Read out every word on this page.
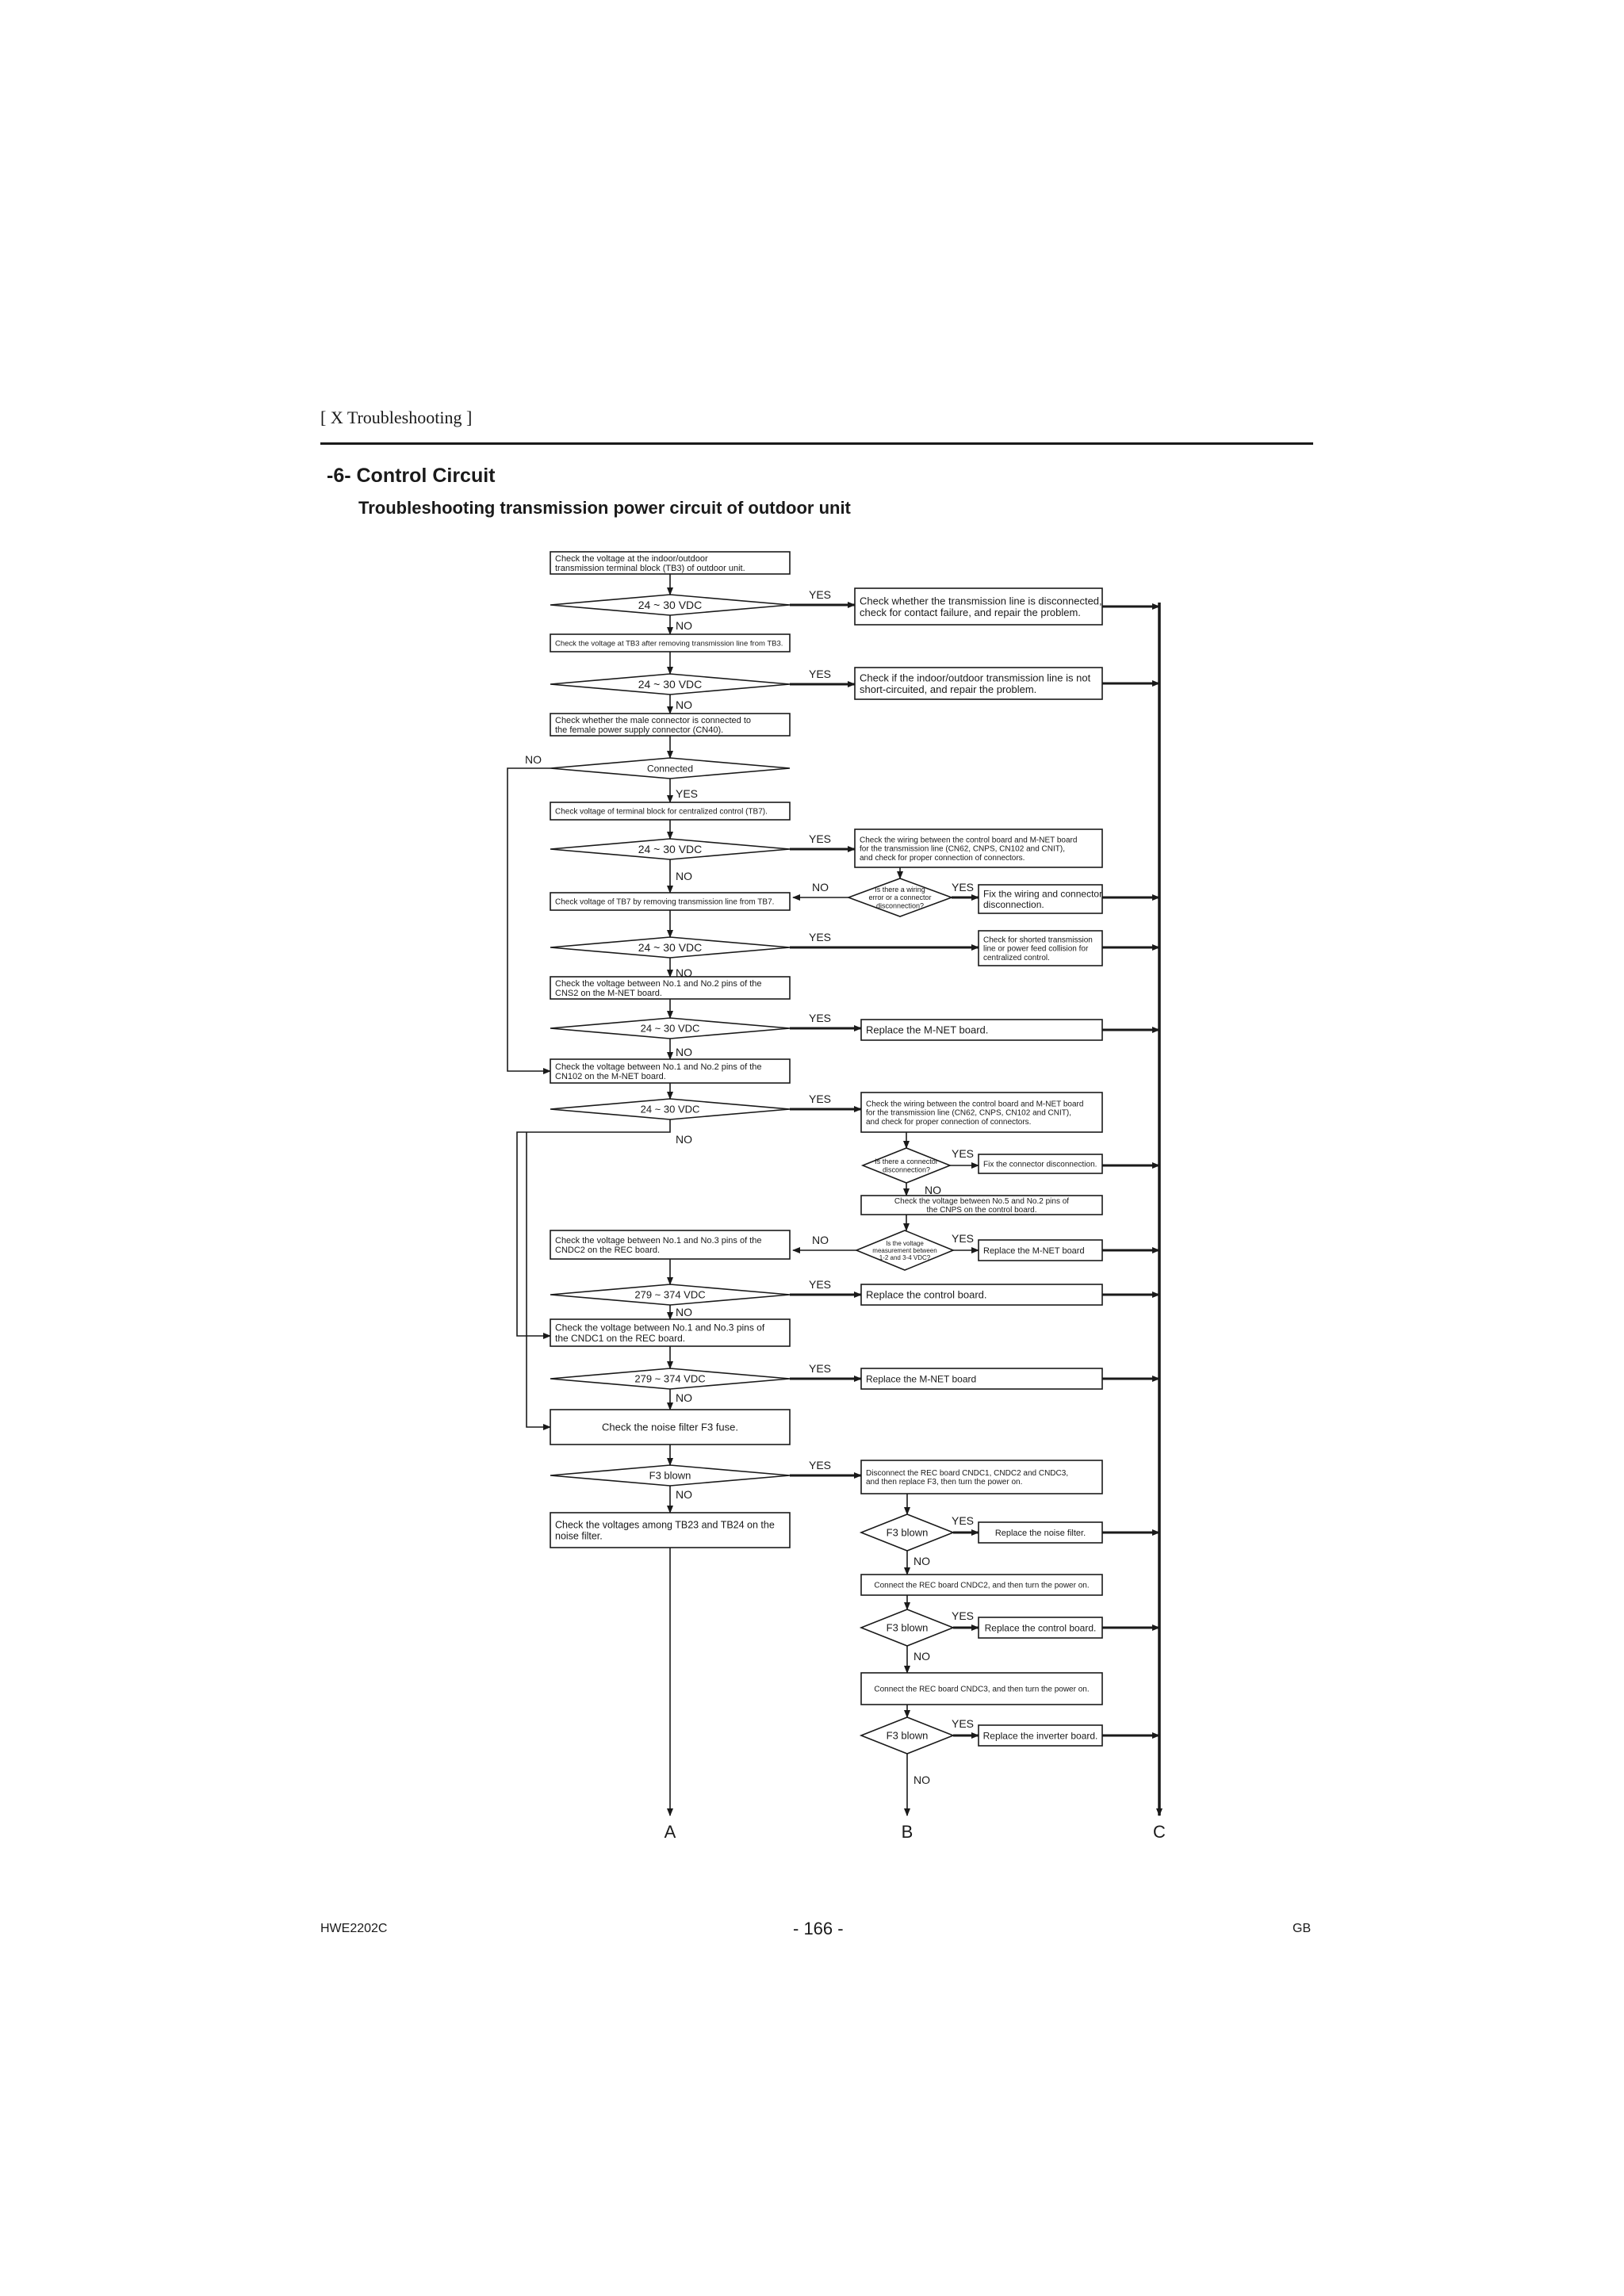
[ X Troubleshooting ]
-6- Control Circuit
Troubleshooting transmission power circuit of outdoor unit
Check the voltage at the indoor/outdoor
transmission terminal block (TB3) of outdoor unit.
24 ~ 30 VDC	Check whether the transmission line is disconnected,
check for contact failure, and repair the problem.
Check the voltage at TB3 after removing transmission line from TB3.
24 ~ 30 VDC
Check if the indoor/outdoor transmission line is not
short-circuited, and repair the problem.
Check whether the male connector is connected to
the female power supply connector (CN40).
Connected
Check voltage of terminal block for centralized control (TB7).
24 ~ 30 VDC
Check the wiring between the control board and M-NET board
for the transmission line (CN62, CNPS, CN102 and CNIT),
and check for proper connection of connectors.
Is there a wiring
error or a connector
disconnection?
Fix the wiring and connector
disconnection.
Check voltage of TB7 by removing transmission line from TB7.
24 ~ 30 VDC
Check for shorted transmission
line or power feed collision for
centralized control.
Check the voltage between No.1 and No.2 pins of the
CNS2 on the M-NET board.
24 ~ 30 VDC	Replace the M-NET board.
Check the voltage between No.1 and No.2 pins of the
CN102 on the M-NET board.
24 ~ 30 VDC	Check the wiring between the control board and M-NET board
for the transmission line (CN62, CNPS, CN102 and CNIT),
and check for proper connection of connectors.
Is there a connector
disconnection?
Fix the connector disconnection.
Check the voltage between No.5 and No.2 pins of
the CNPS on the control board.
Is the voltage
measurement between
1-2 and 3-4 VDC?
Replace the M-NET board
Check the voltage between No.1 and No.3 pins of the
CNDC2 on the REC board.
279 ~ 374 VDC	Replace the control board.
Check the voltage between No.1 and No.3 pins of
the CNDC1 on the REC board.
279 ~ 374 VDC	Replace the M-NET board
Check the noise filter F3 fuse.
F3 blown	Disconnect the REC board CNDC1, CNDC2 and CNDC3,
and then replace F3, then turn the power on.
F3 blown	Replace the noise filter.
Connect the REC board CNDC2, and then turn the power on.
F3 blown	Replace the control board.
Connect the REC board CNDC3, and then turn the power on.
F3 blown	Replace the inverter board.
Check the voltages among TB23 and TB24 on the
noise filter.
NO
NO
YES
NO
NO
NO
YES
YES
YES
YES
YES
YES
YES
NO
YES
YES
YES
NO
YES
NO
NO
NO
NO
NO
NO
YES
YES
NO
YES
NO
YES
NO
A	B	C
HWE2202C	- 166 -	GB
